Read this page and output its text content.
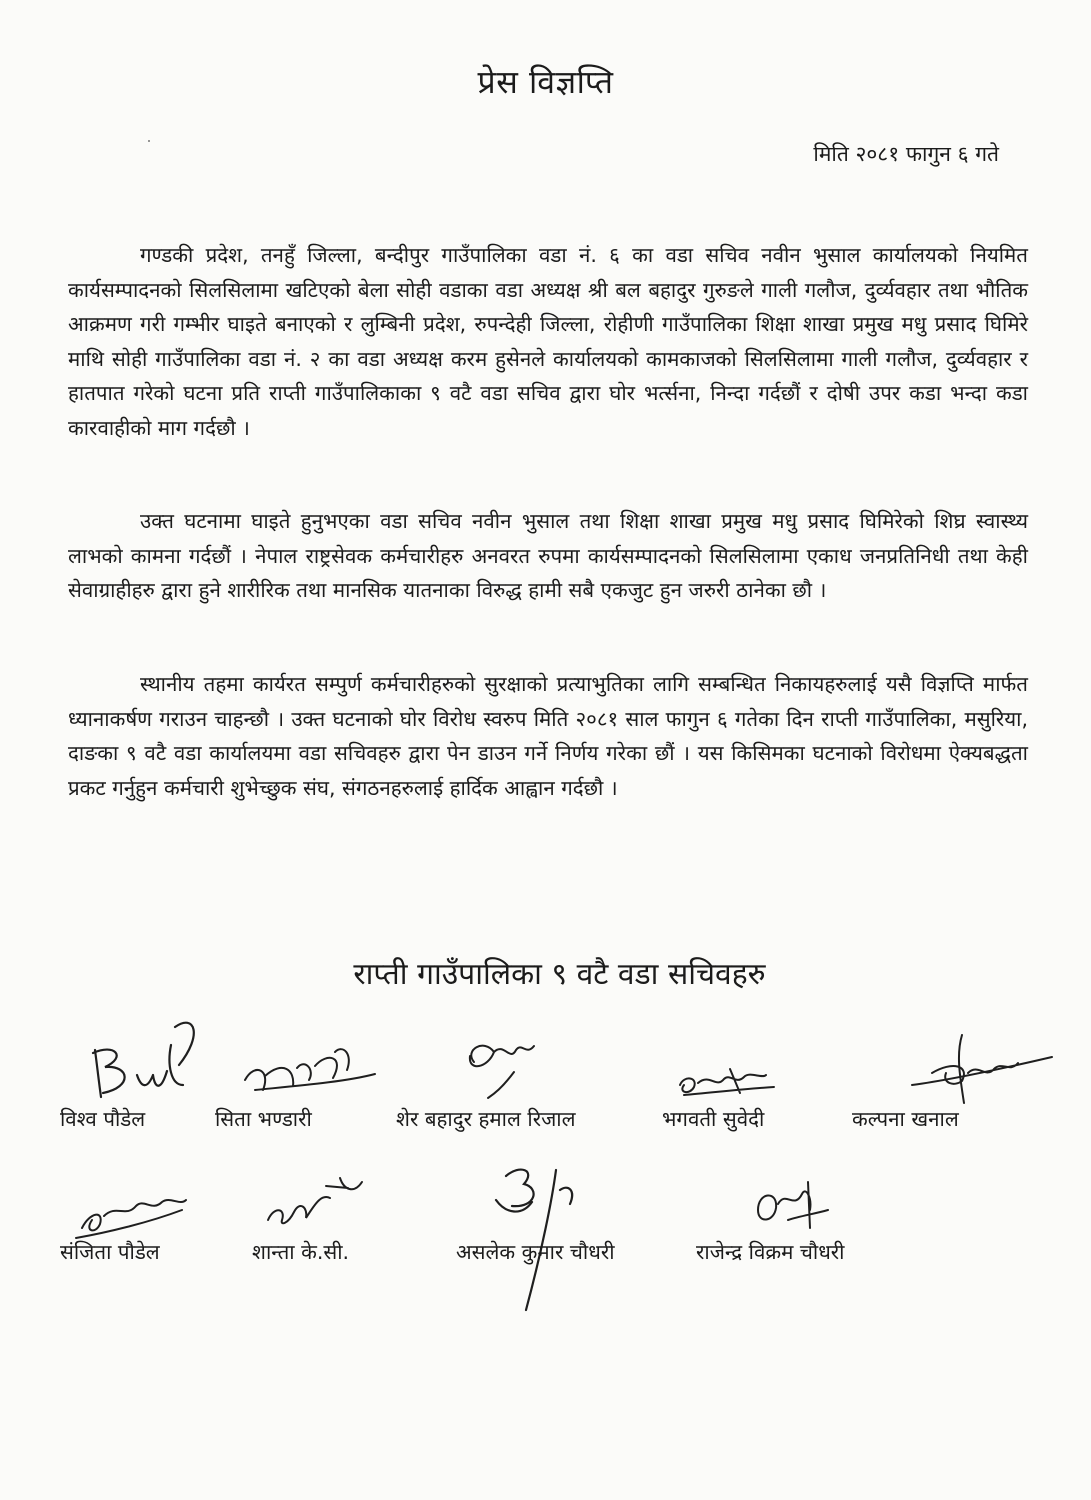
प्रेस विज्ञप्ति
मिति २०८१ फागुन ६ गते

गण्डकी प्रदेश, तनहुँ जिल्ला, बन्दीपुर गाउँपालिका वडा नं. ६ का वडा सचिव नवीन भुसाल कार्यालयको नियमित कार्यसम्पादनको सिलसिलामा खटिएको बेला सोही वडाका वडा अध्यक्ष श्री बल बहादुर गुरुङले गाली गलौज, दुर्व्यवहार तथा भौतिक आक्रमण गरी गम्भीर घाइते बनाएको र लुम्बिनी प्रदेश, रुपन्देही जिल्ला, रोहीणी गाउँपालिका शिक्षा शाखा प्रमुख मधु प्रसाद घिमिरे माथि सोही गाउँपालिका वडा नं. २ का वडा अध्यक्ष करम हुसेनले कार्यालयको कामकाजको सिलसिलामा गाली गलौज, दुर्व्यवहार र हातपात गरेको घटना प्रति राप्ती गाउँपालिकाका ९ वटै वडा सचिव द्वारा घोर भर्त्सना, निन्दा गर्दछौं र दोषी उपर कडा भन्दा कडा कारवाहीको माग गर्दछौ ।

उक्त घटनामा घाइते हुनुभएका वडा सचिव नवीन भुसाल तथा शिक्षा शाखा प्रमुख मधु प्रसाद घिमिरेको शिघ्र स्वास्थ्य लाभको कामना गर्दछौं । नेपाल राष्ट्रसेवक कर्मचारीहरु अनवरत रुपमा कार्यसम्पादनको सिलसिलामा एकाध जनप्रतिनिधी तथा केही सेवाग्राहीहरु द्वारा हुने शारीरिक तथा मानसिक यातनाका विरुद्ध हामी सबै एकजुट हुन जरुरी ठानेका छौ ।

स्थानीय तहमा कार्यरत सम्पुर्ण कर्मचारीहरुको सुरक्षाको प्रत्याभुतिका लागि सम्बन्धित निकायहरुलाई यसै विज्ञप्ति मार्फत ध्यानाकर्षण गराउन चाहन्छौ । उक्त घटनाको घोर विरोध स्वरुप मिति २०८१ साल फागुन ६ गतेका दिन राप्ती गाउँपालिका, मसुरिया, दाङका ९ वटै वडा कार्यालयमा वडा सचिवहरु द्वारा पेन डाउन गर्ने निर्णय गरेका छौं । यस किसिमका घटनाको विरोधमा ऐक्यबद्धता प्रकट गर्नुहुन कर्मचारी शुभेच्छुक संघ, संगठनहरुलाई हार्दिक आह्वान गर्दछौ ।

राप्ती गाउँपालिका ९ वटै वडा सचिवहरु
विश्व पौडेल	सिता भण्डारी	शेर बहादुर हमाल रिजाल	भगवती सुवेदी	कल्पना खनाल
संजिता पौडेल	शान्ता के.सी.	असलेक कुमार चौधरी	राजेन्द्र विक्रम चौधरी
